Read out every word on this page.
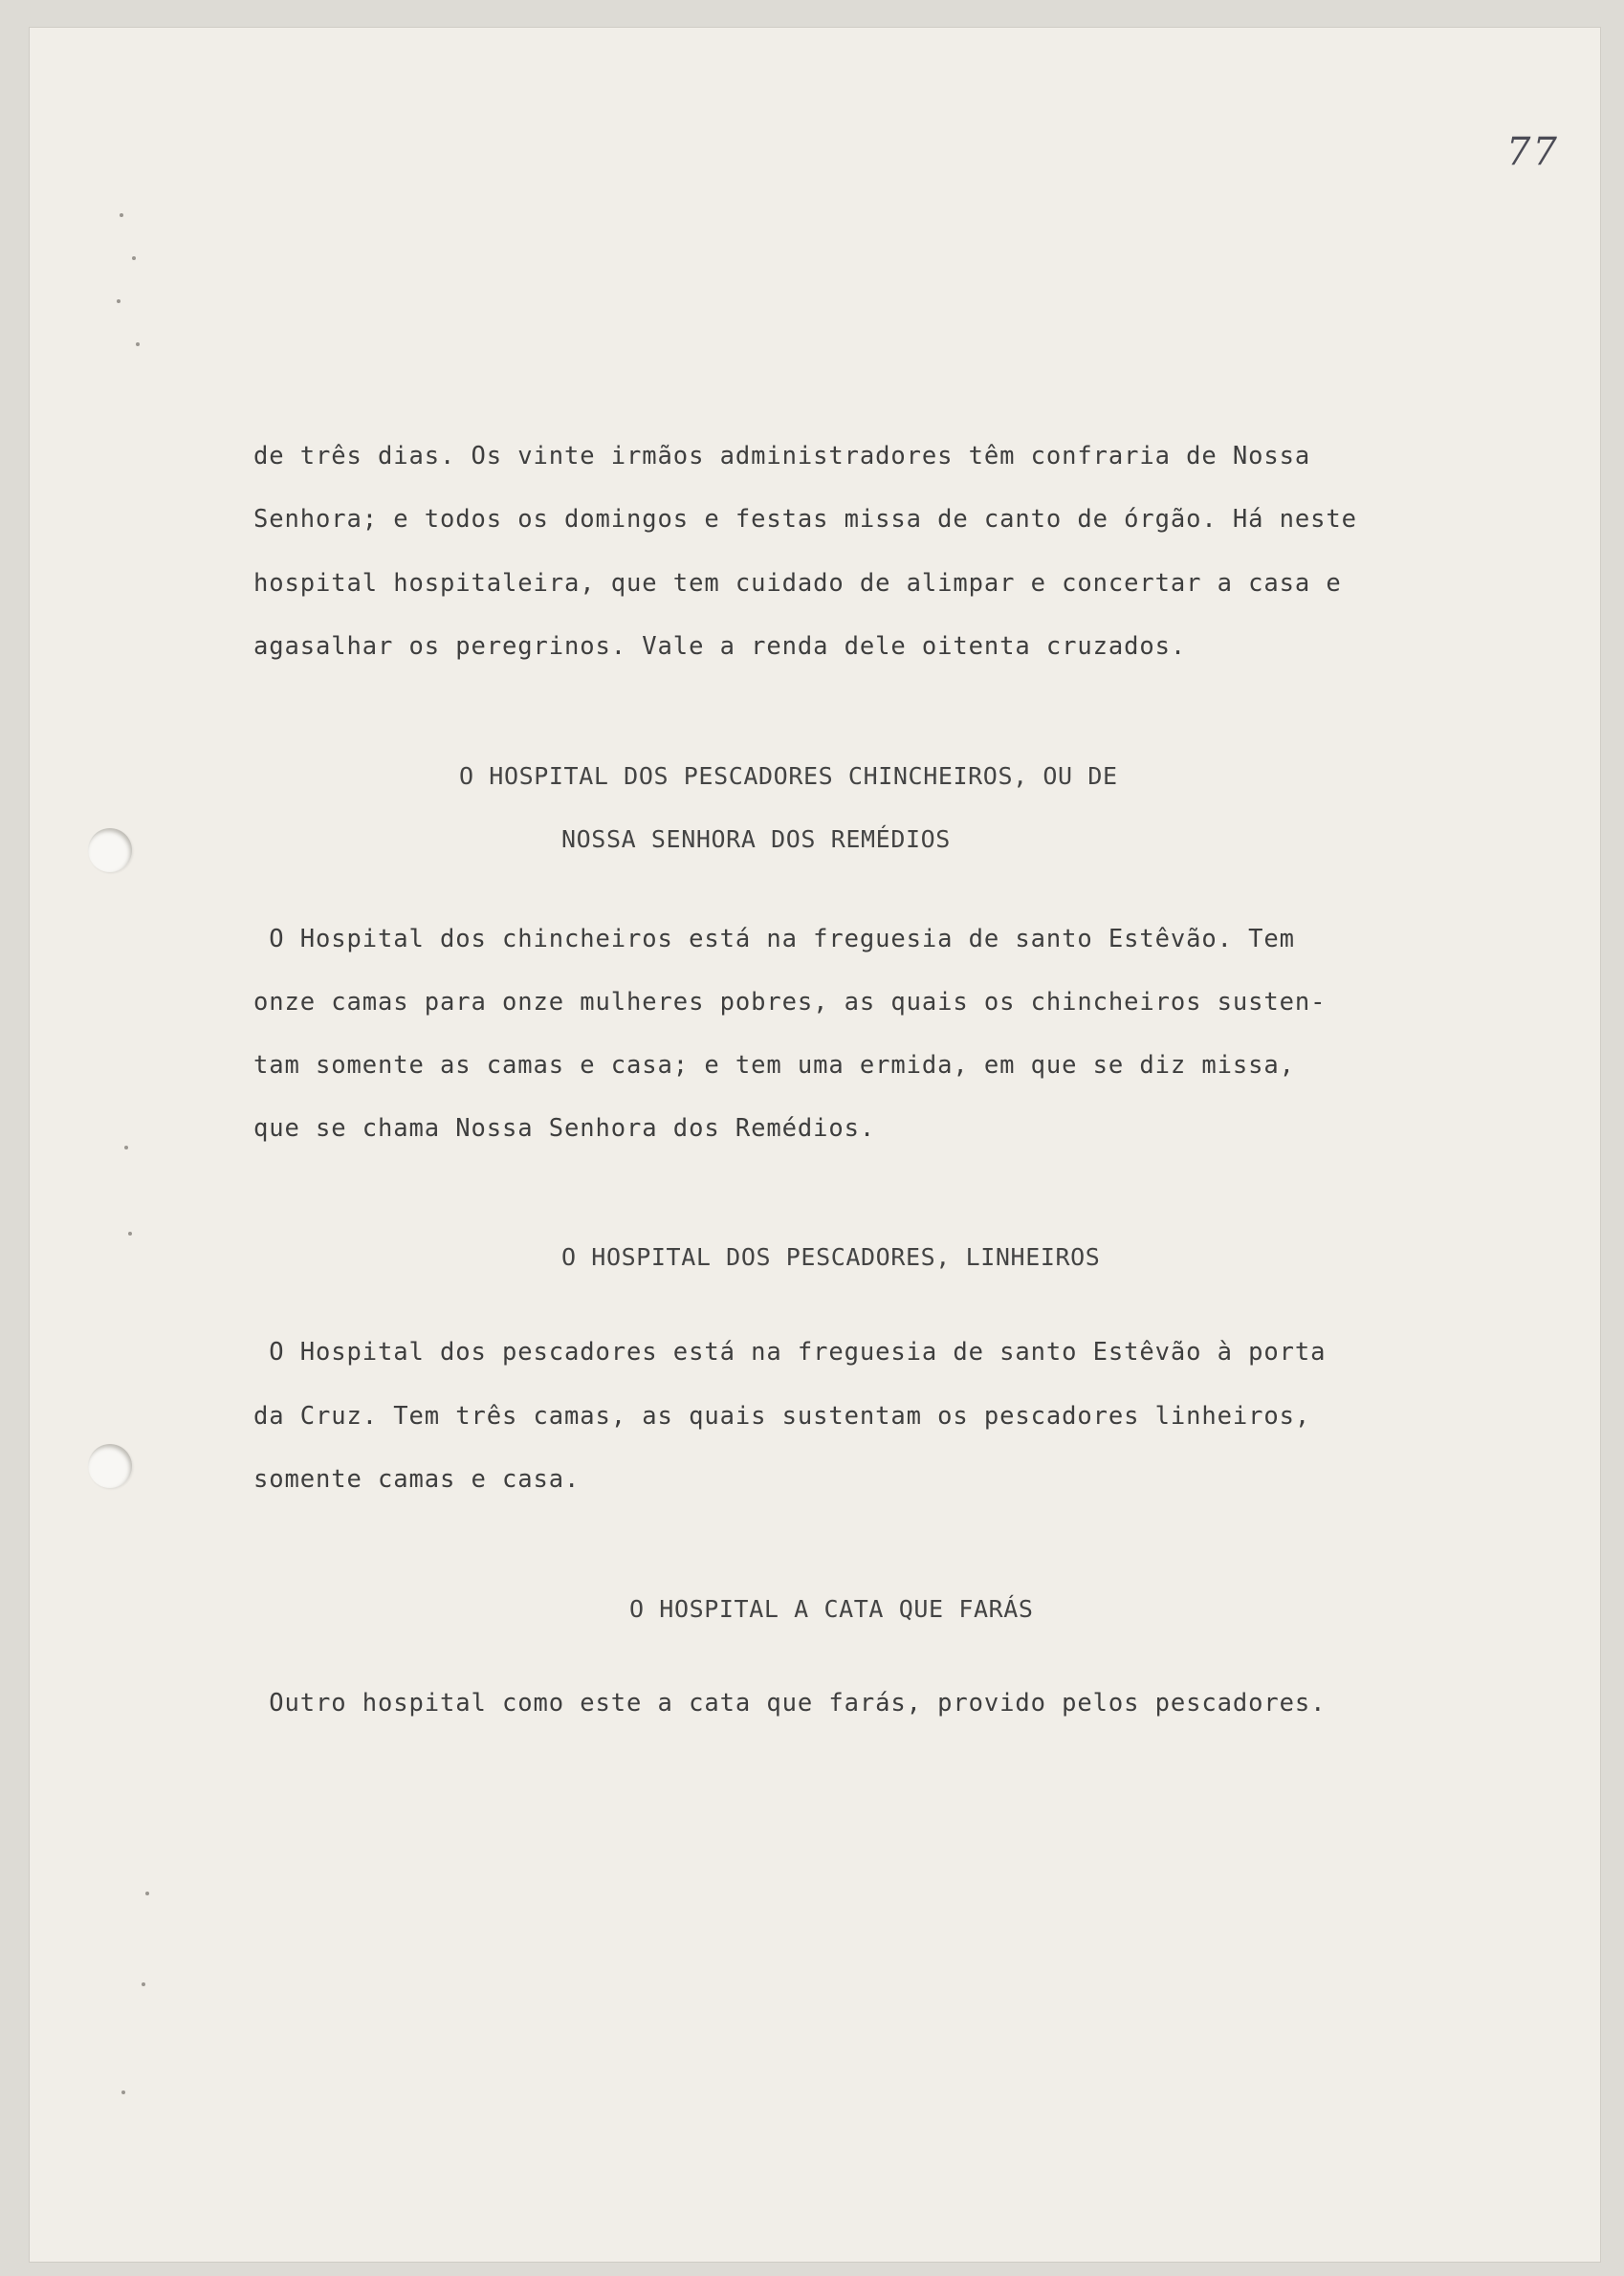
77
de três dias. Os vinte irmãos administradores têm confraria de Nossa
Senhora; e todos os domingos e festas missa de canto de órgão. Há neste
hospital hospitaleira, que tem cuidado de alimpar e concertar a casa e
agasalhar os peregrinos. Vale a renda dele oitenta cruzados.
O HOSPITAL DOS PESCADORES CHINCHEIROS, OU DE
NOSSA SENHORA DOS REMÉDIOS
O Hospital dos chincheiros está na freguesia de santo Estêvão. Tem
onze camas para onze mulheres pobres, as quais os chincheiros susten-
tam somente as camas e casa; e tem uma ermida, em que se diz missa,
que se chama Nossa Senhora dos Remédios.
O HOSPITAL DOS PESCADORES, LINHEIROS
O Hospital dos pescadores está na freguesia de santo Estêvão à porta
da Cruz. Tem três camas, as quais sustentam os pescadores linheiros,
somente camas e casa.
O HOSPITAL A CATA QUE FARÁS
Outro hospital como este a cata que farás, provido pelos pescadores.
